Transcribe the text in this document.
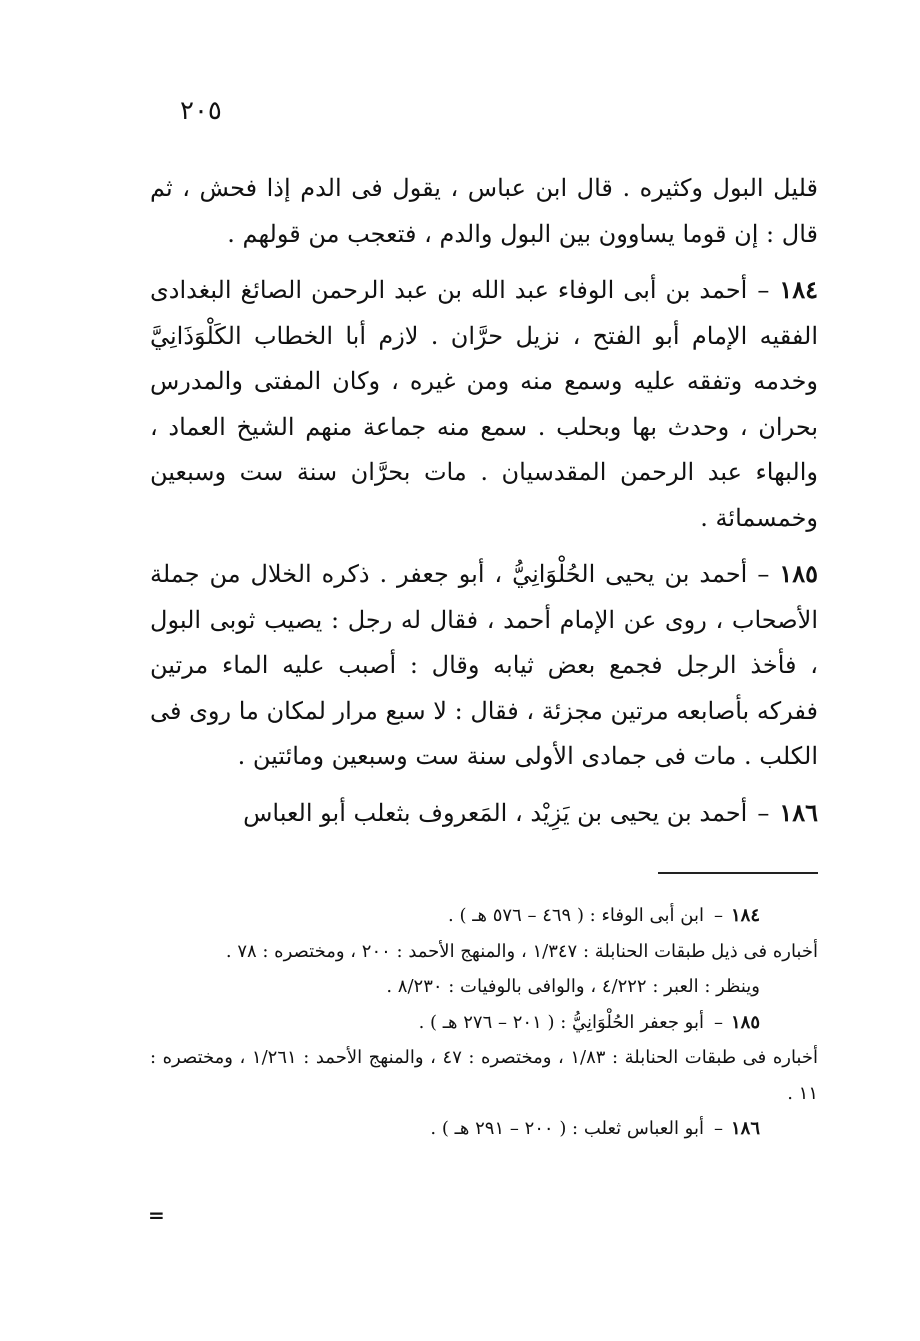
٢٠٥

قليل البول وكثيره . قال ابن عباس ، يقول فى الدم إذا فحش ، ثم قال : إن قوما يساوون بين البول والدم ، فتعجب من قولهم .

١٨٤–أحمد بن أبى الوفاء عبد الله بن عبد الرحمن الصائغ البغدادى الفقيه الإمام أبو الفتح ، نزيل حرَّان . لازم أبا الخطاب الكَلْوَذَانِيَّ وخدمه وتفقه عليه وسمع منه ومن غيره ، وكان المفتى والمدرس بحران ، وحدث بها وبحلب . سمع منه جماعة منهم الشيخ العماد ، والبهاء عبد الرحمن المقدسيان . مات بحرَّان سنة ست وسبعين وخمسمائة .

١٨٥–أحمد بن يحيى الحُلْوَانِيُّ ، أبو جعفر . ذكره الخلال من جملة الأصحاب ، روى عن الإمام أحمد ، فقال له رجل : يصيب ثوبى البول ، فأخذ الرجل فجمع بعض ثيابه وقال : أصبب عليه الماء مرتين ففركه بأصابعه مرتين مجزئة ، فقال : لا سبع مرار لمكان ما روى فى الكلب . مات فى جمادى الأولى سنة ست وسبعين ومائتين .

١٨٦–أحمد بن يحيى بن يَزِيْد ، المَعروف بثعلب أبو العباس

١٨٤–ابن أبى الوفاء : ( ٤٦٩ – ٥٧٦ هـ ) .
أخباره فى ذيل طبقات الحنابلة : ١/٣٤٧ ، والمنهج الأحمد : ٢٠٠ ، ومختصره : ٧٨ .
وينظر : العبر : ٤/٢٢٢ ، والوافى بالوفيات : ٨/٢٣٠ .
١٨٥–أبو جعفر الحُلْوَانِيُّ : ( ٢٠١ – ٢٧٦ هـ ) .
أخباره فى طبقات الحنابلة : ١/٨٣ ، ومختصره : ٤٧ ، والمنهج الأحمد : ١/٢٦١ ، ومختصره : ١١ .
١٨٦–أبو العباس ثعلب : ( ٢٠٠ – ٢٩١ هـ ) .
=
